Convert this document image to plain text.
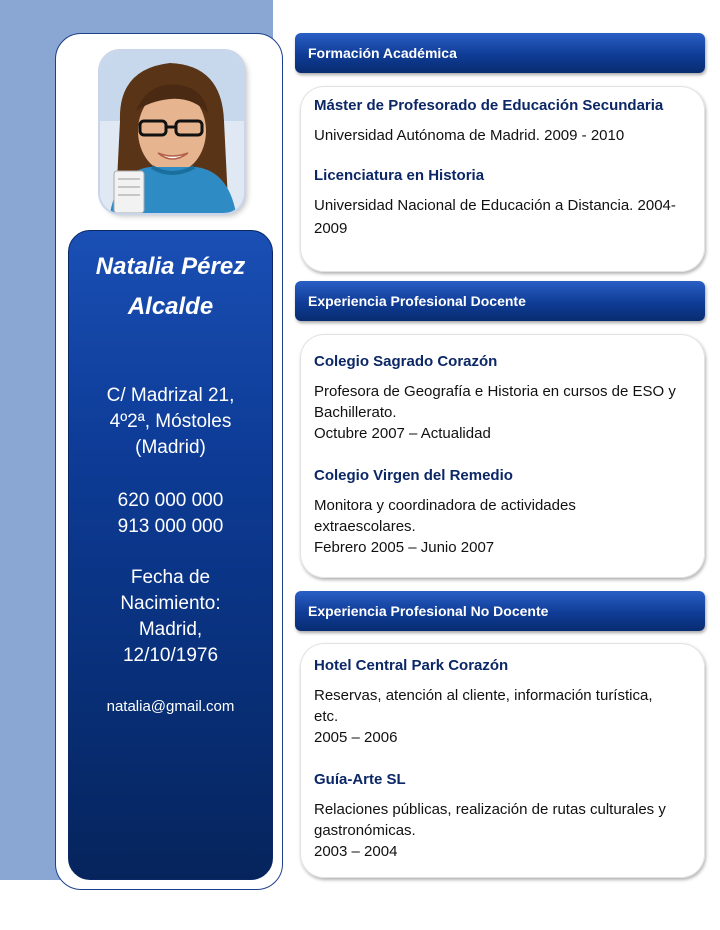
Natalia Pérez
Alcalde
C/ Madrizal 21,
4º2ª, Móstoles
(Madrid)
620 000 000
913 000 000
Fecha de
Nacimiento:
Madrid,
12/10/1976
natalia@gmail.com
Formación Académica

Máster de Profesorado de Educación Secundaria

Universidad Autónoma de Madrid. 2009 - 2010

Licenciatura en Historia

Universidad Nacional de Educación a Distancia. 2004-

2009

Experiencia Profesional Docente

Colegio Sagrado Corazón

Profesora de Geografía e Historia en cursos de ESO y

Bachillerato.

Octubre 2007 – Actualidad

Colegio Virgen del Remedio

Monitora y coordinadora de actividades

extraescolares.

Febrero 2005 – Junio 2007

Experiencia Profesional No Docente

Hotel Central Park Corazón

Reservas, atención al cliente, información turística,

etc.

2005 – 2006

Guía-Arte SL

Relaciones públicas, realización de rutas culturales y

gastronómicas.

2003 – 2004
